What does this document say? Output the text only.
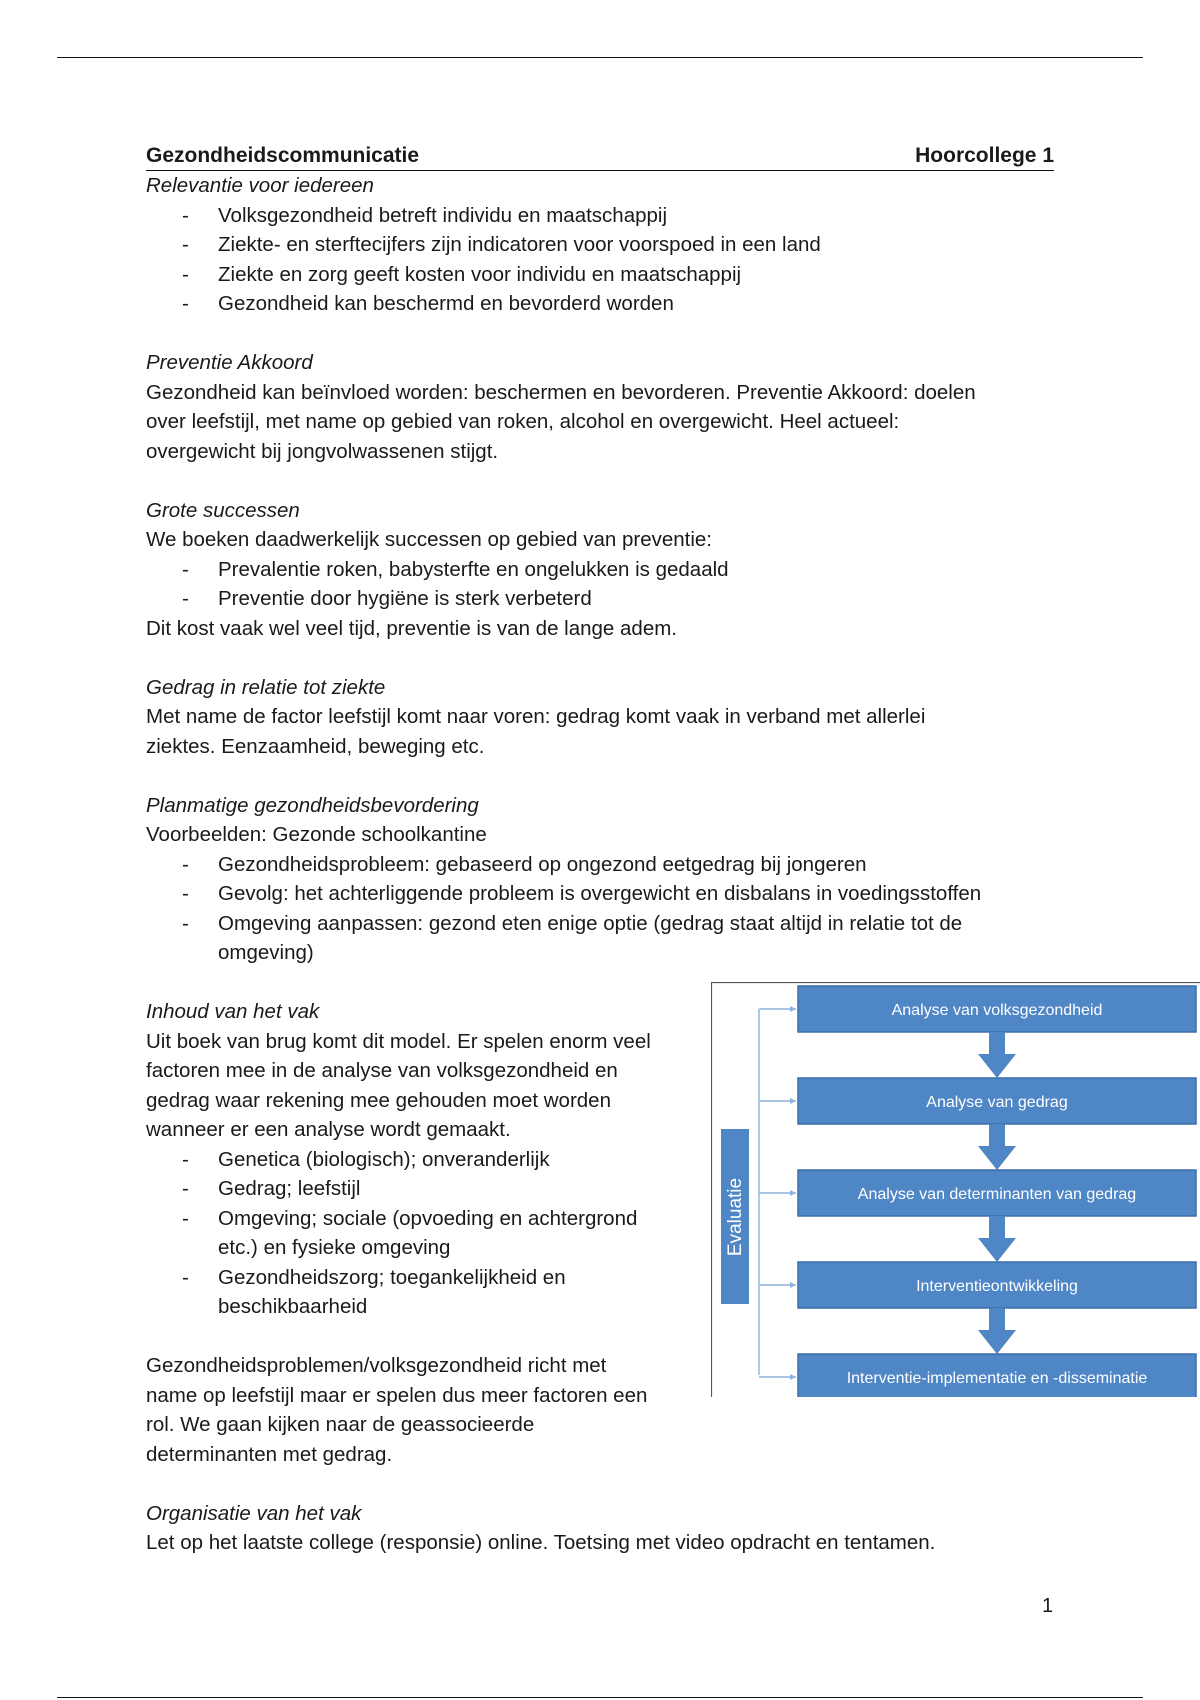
Gezondheidscommunicatie	Hoorcollege 1
Relevantie voor iedereen
- Volksgezondheid betreft individu en maatschappij
- Ziekte- en sterftecijfers zijn indicatoren voor voorspoed in een land
- Ziekte en zorg geeft kosten voor individu en maatschappij
- Gezondheid kan beschermd en bevorderd worden
Preventie Akkoord
Gezondheid kan beïnvloed worden: beschermen en bevorderen. Preventie Akkoord: doelen
over leefstijl, met name op gebied van roken, alcohol en overgewicht. Heel actueel:
overgewicht bij jongvolwassenen stijgt.
Grote successen
We boeken daadwerkelijk successen op gebied van preventie:
- Prevalentie roken, babysterfte en ongelukken is gedaald
- Preventie door hygiëne is sterk verbeterd
Dit kost vaak wel veel tijd, preventie is van de lange adem.
Gedrag in relatie tot ziekte
Met name de factor leefstijl komt naar voren: gedrag komt vaak in verband met allerlei
ziektes. Eenzaamheid, beweging etc.
Planmatige gezondheidsbevordering
Voorbeelden: Gezonde schoolkantine
- Gezondheidsprobleem: gebaseerd op ongezond eetgedrag bij jongeren
- Gevolg: het achterliggende probleem is overgewicht en disbalans in voedingsstoffen
- Omgeving aanpassen: gezond eten enige optie (gedrag staat altijd in relatie tot de
omgeving)
Inhoud van het vak
Uit boek van brug komt dit model. Er spelen enorm veel
factoren mee in de analyse van volksgezondheid en
gedrag waar rekening mee gehouden moet worden
wanneer er een analyse wordt gemaakt.
- Genetica (biologisch); onveranderlijk
- Gedrag; leefstijl
- Omgeving; sociale (opvoeding en achtergrond
etc.) en fysieke omgeving
- Gezondheidszorg; toegankelijkheid en
beschikbaarheid
Gezondheidsproblemen/volksgezondheid richt met
name op leefstijl maar er spelen dus meer factoren een
rol. We gaan kijken naar de geassocieerde
determinanten met gedrag.
Organisatie van het vak
Let op het laatste college (responsie) online. Toetsing met video opdracht en tentamen.
Evaluatie
Analyse van volksgezondheid
Analyse van gedrag
Analyse van determinanten van gedrag
Interventieontwikkeling
Interventie-implementatie en -disseminatie
1
